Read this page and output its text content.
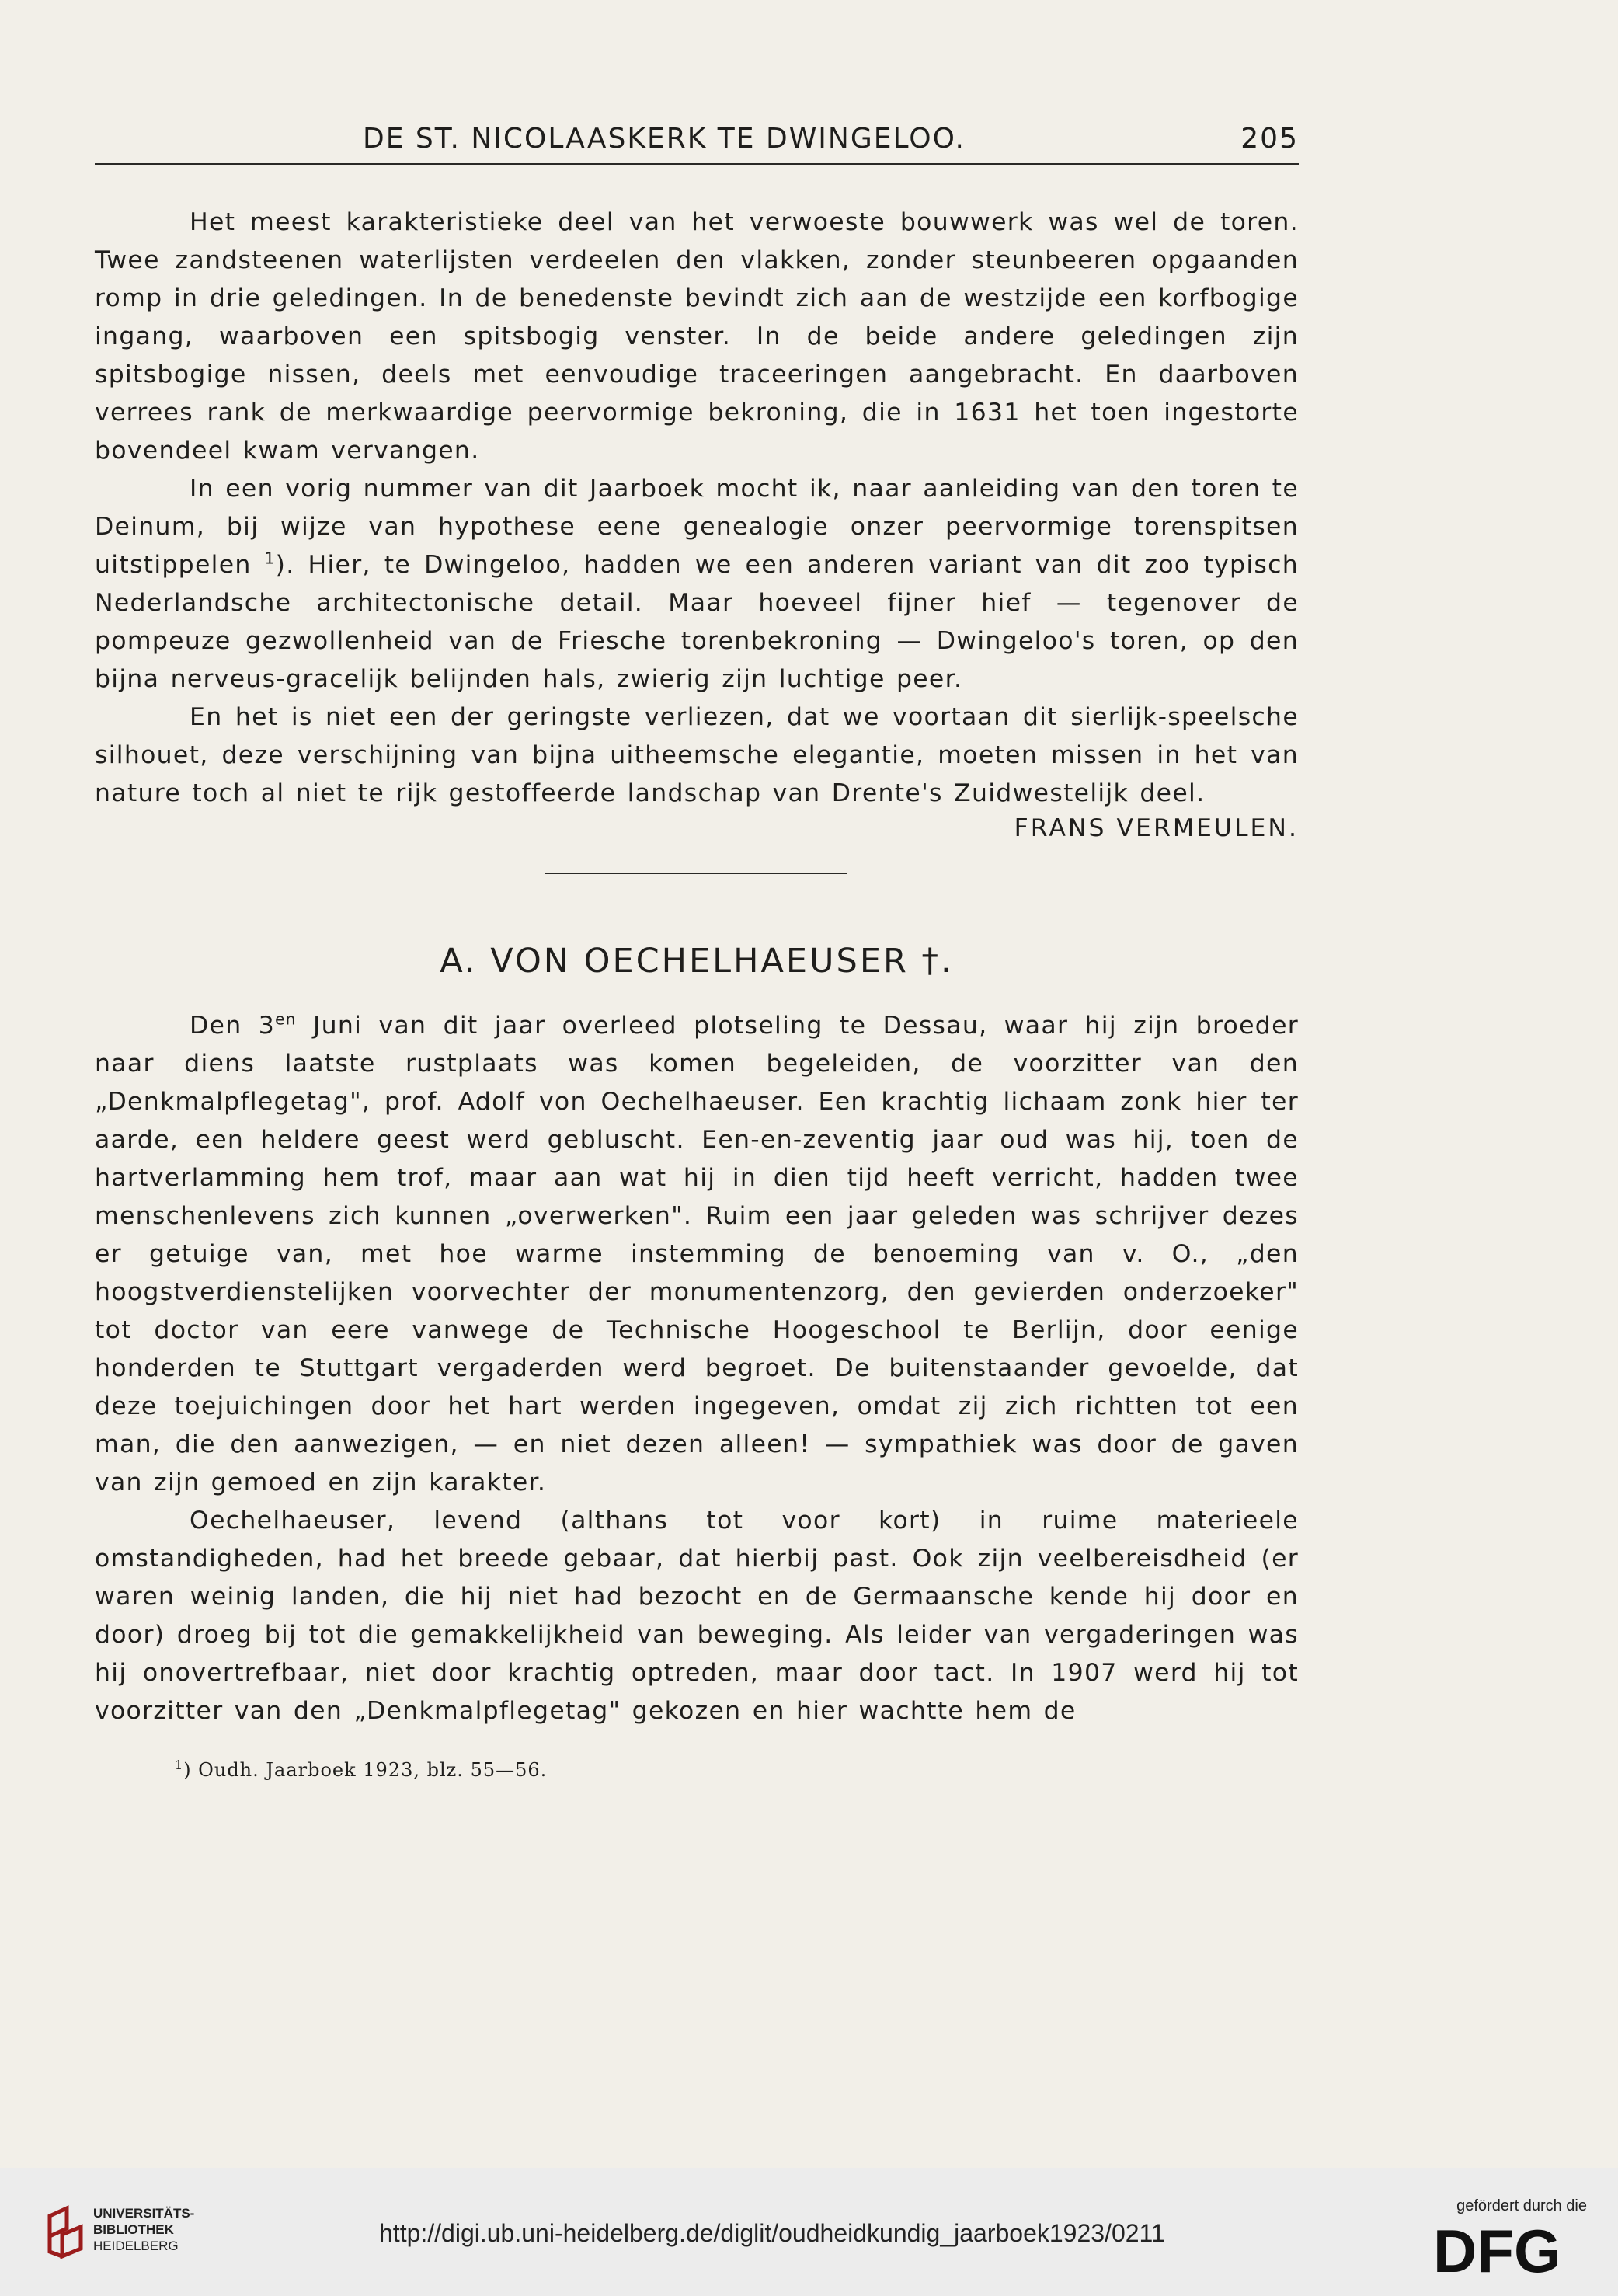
DE ST. NICOLAASKERK TE DWINGELOO.	205

Het meest karakteristieke deel van het verwoeste bouwwerk was wel de toren. Twee zandsteenen waterlijsten verdeelen den vlakken, zonder steunbeeren opgaanden romp in drie geledingen. In de benedenste bevindt zich aan de westzijde een korfbogige ingang, waarboven een spitsbogig venster. In de beide andere geledingen zijn spitsbogige nissen, deels met eenvoudige traceeringen aangebracht. En daarboven verrees rank de merkwaardige peervormige bekroning, die in 1631 het toen ingestorte bovendeel kwam vervangen.

In een vorig nummer van dit Jaarboek mocht ik, naar aanleiding van den toren te Deinum, bij wijze van hypothese eene genealogie onzer peervormige torenspitsen uitstippelen $^1$). Hier, te Dwingeloo, hadden we een anderen variant van dit zoo typisch Nederlandsche architectonische detail. Maar hoeveel fijner hief — tegenover de pompeuze gezwollenheid van de Friesche torenbekroning — Dwingeloo's toren, op den bijna nerveus-gracelijk belijnden hals, zwierig zijn luchtige peer.

En het is niet een der geringste verliezen, dat we voortaan dit sierlijk-speelsche silhouet, deze verschijning van bijna uitheemsche elegantie, moeten missen in het van nature toch al niet te rijk gestoffeerde landschap van Drente's Zuidwestelijk deel.

FRANS VERMEULEN.
A. VON OECHELHAEUSER †.

Den $3^{en}$ Juni van dit jaar overleed plotseling te Dessau, waar hij zijn broeder naar diens laatste rustplaats was komen begeleiden, de voorzitter van den „Denkmalpflegetag", prof. Adolf von Oechelhaeuser. Een krachtig lichaam zonk hier ter aarde, een heldere geest werd gebluscht. Een-en-zeventig jaar oud was hij, toen de hartverlamming hem trof, maar aan wat hij in dien tijd heeft verricht, hadden twee menschenlevens zich kunnen „overwerken". Ruim een jaar geleden was schrijver dezes er getuige van, met hoe warme instemming de benoeming van v. O., „den hoogstverdienstelijken voorvechter der monumentenzorg, den gevierden onderzoeker" tot doctor van eere vanwege de Technische Hoogeschool te Berlijn, door eenige honderden te Stuttgart vergaderden werd begroet. De buitenstaander gevoelde, dat deze toejuichingen door het hart werden ingegeven, omdat zij zich richtten tot een man, die den aanwezigen, — en niet dezen alleen! — sympathiek was door de gaven van zijn gemoed en zijn karakter.

Oechelhaeuser, levend (althans tot voor kort) in ruime materieele omstandigheden, had het breede gebaar, dat hierbij past. Ook zijn veelbereisdheid (er waren weinig landen, die hij niet had bezocht en de Germaansche kende hij door en door) droeg bij tot die gemakkelijkheid van beweging. Als leider van vergaderingen was hij onovertrefbaar, niet door krachtig optreden, maar door tact. In 1907 werd hij tot voorzitter van den „Denkmalpflegetag" gekozen en hier wachtte hem de

$^1$) Oudh. Jaarboek 1923, blz. 55—56.
UNIVERSITÄTS-
BIBLIOTHEK
HEIDELBERG	http://digi.ub.uni-heidelberg.de/diglit/oudheidkundig_jaarboek1923/0211
gefördert durch die
DFG
